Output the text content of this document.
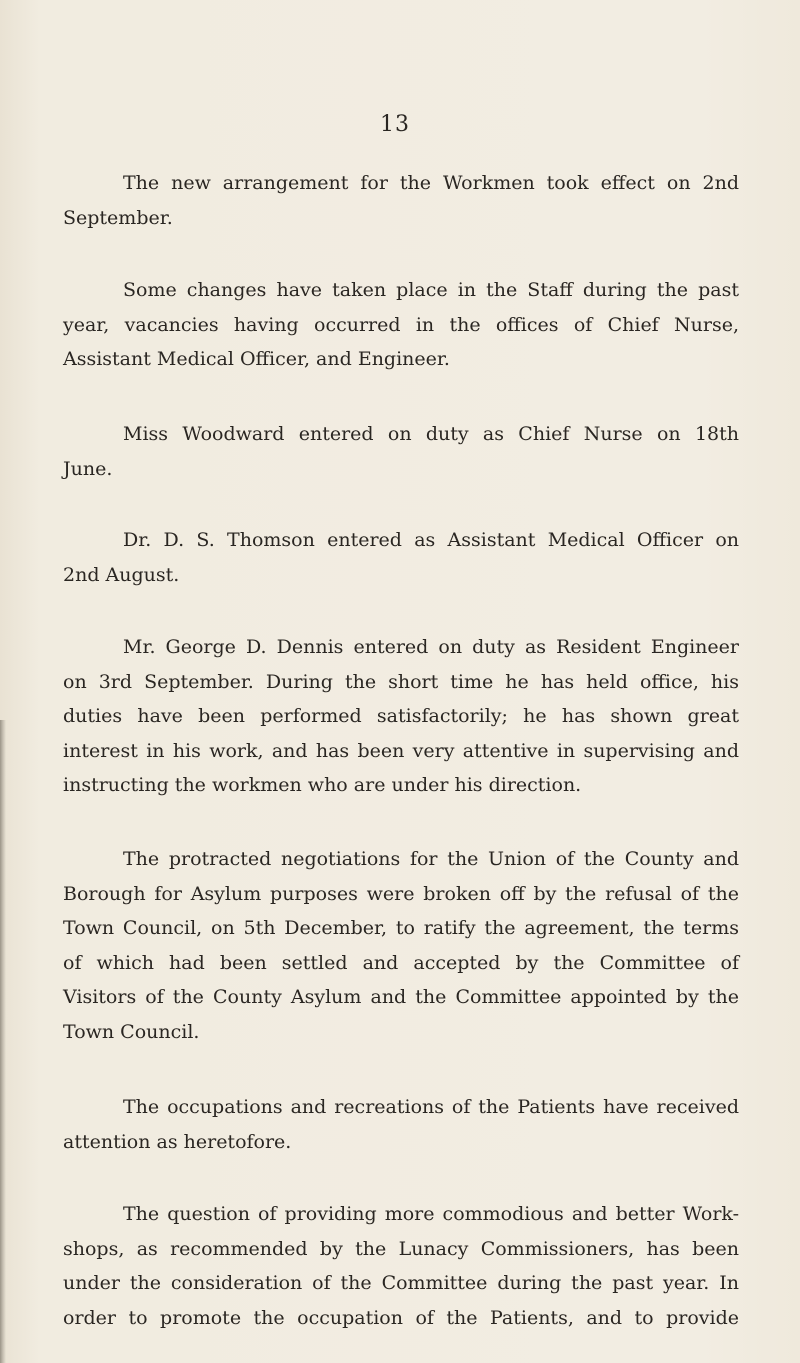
13
The new arrangement for the Workmen took effect on 2nd
September.
Some changes have taken place in the Staff during the past
year, vacancies having occurred in the offices of Chief Nurse,
Assistant Medical Officer, and Engineer.
Miss Woodward entered on duty as Chief Nurse on 18th
June.
Dr. D. S. Thomson entered as Assistant Medical Officer on
2nd August.
Mr. George D. Dennis entered on duty as Resident Engineer
on 3rd September. During the short time he has held office, his
duties have been performed satisfactorily; he has shown great
interest in his work, and has been very attentive in supervising and
instructing the workmen who are under his direction.
The protracted negotiations for the Union of the County and
Borough for Asylum purposes were broken off by the refusal of the
Town Council, on 5th December, to ratify the agreement, the terms
of which had been settled and accepted by the Committee of
Visitors of the County Asylum and the Committee appointed by the
Town Council.
The occupations and recreations of the Patients have received
attention as heretofore.
The question of providing more commodious and better Work-
shops, as recommended by the Lunacy Commissioners, has been
under the consideration of the Committee during the past year. In
order to promote the occupation of the Patients, and to provide
